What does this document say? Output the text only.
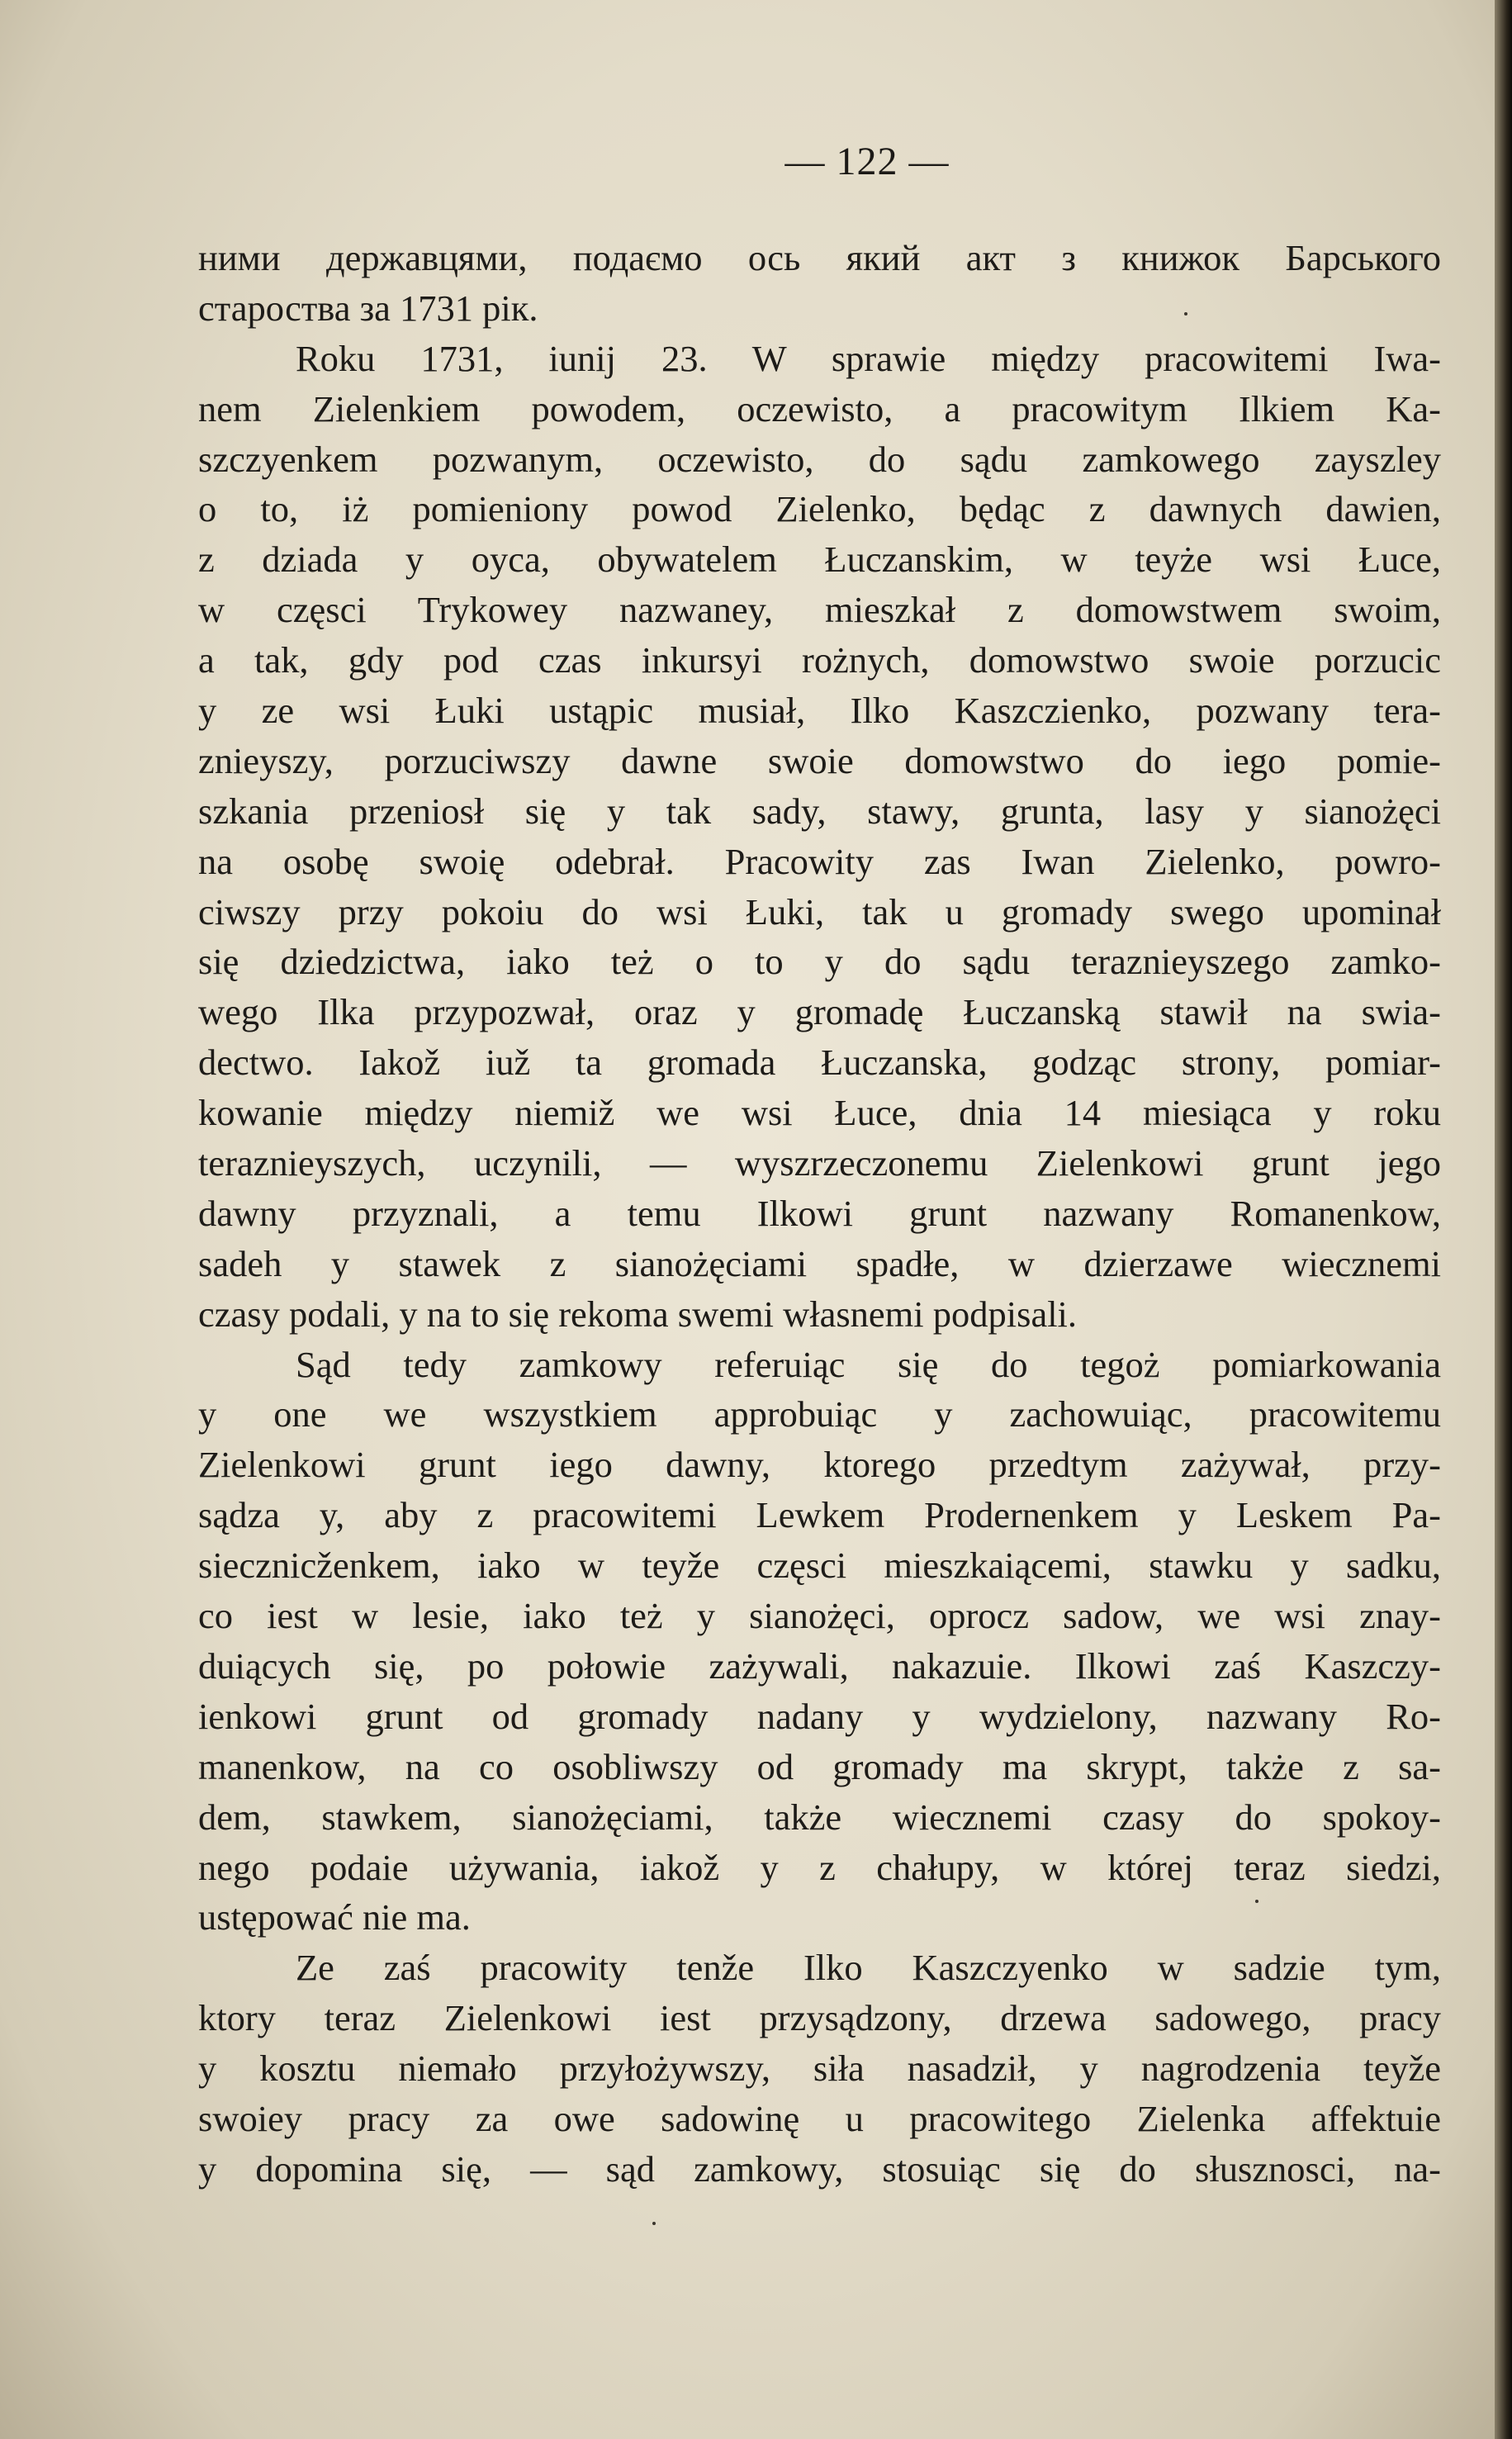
— 122 —
ними державцями, подаємо ось який акт з книжок Барського
староства за 1731 рік.
Roku 1731, iunij 23. W sprawie między pracowitemi Iwa-
nem Zielenkiem powodem, oczewisto, a pracowitym Ilkiem Ka-
szczyenkem pozwanym, oczewisto, do sądu zamkowego zayszley
o to, iż pomieniony powod Zielenko, będąc z dawnych dawien,
z dziada y oyca, obywatelem Łuczanskim, w teyże wsi Łuce,
w częsci Trykowey nazwaney, mieszkał z domowstwem swoim,
a tak, gdy pod czas inkursyi rożnych, domowstwo swoie porzucic
y ze wsi Łuki ustąpic musiał, Ilko Kaszczienko, pozwany tera-
znieyszy, porzuciwszy dawne swoie domowstwo do iego pomie-
szkania przeniosł się y tak sady, stawy, grunta, lasy y sianożęci
na osobę swoię odebrał. Pracowity zas Iwan Zielenko, powro-
ciwszy przy pokoiu do wsi Łuki, tak u gromady swego upominał
się dziedzictwa, iako też o to y do sądu teraznieyszego zamko-
wego Ilka przypozwał, oraz y gromadę Łuczanską stawił na swia-
dectwo. Iakož iuž ta gromada Łuczanska, godząc strony, pomiar-
kowanie między niemiž we wsi Łuce, dnia 14 miesiąca y roku
teraznieyszych, uczynili, — wyszrzeczonemu Zielenkowi grunt jego
dawny przyznali, a temu Ilkowi grunt nazwany Romanenkow,
sadeh y stawek z sianożęciami spadłe, w dzierzawe wiecznemi
czasy podali, y na to się rekoma swemi własnemi podpisali.
Sąd tedy zamkowy referuiąc się do tegoż pomiarkowania
y one we wszystkiem approbuiąc y zachowuiąc, pracowitemu
Zielenkowi grunt iego dawny, ktorego przedtym zażywał, przy-
sądza y, aby z pracowitemi Lewkem Prodernenkem y Leskem Pa-
siecznicženkem, iako w teyže częsci mieszkaiącemi, stawku y sadku,
co iest w lesie, iako też y sianożęci, oprocz sadow, we wsi znay-
duiących się, po połowie zażywali, nakazuie. Ilkowi zaś Kaszczy-
ienkowi grunt od gromady nadany y wydzielony, nazwany Ro-
manenkow, na co osobliwszy od gromady ma skrypt, także z sa-
dem, stawkem, sianożęciami, także wiecznemi czasy do spokoy-
nego podaie używania, iakož y z chałupy, w której teraz siedzi,
ustępować nie ma.
Ze zaś pracowity tenže Ilko Kaszczyenko w sadzie tym,
ktory teraz Zielenkowi iest przysądzony, drzewa sadowego, pracy
y kosztu niemało przyłożywszy, siła nasadził, y nagrodzenia teyže
swoiey pracy za owe sadowinę u pracowitego Zielenka affektuie
y dopomina się, — sąd zamkowy, stosuiąc się do słusznosci, na-
